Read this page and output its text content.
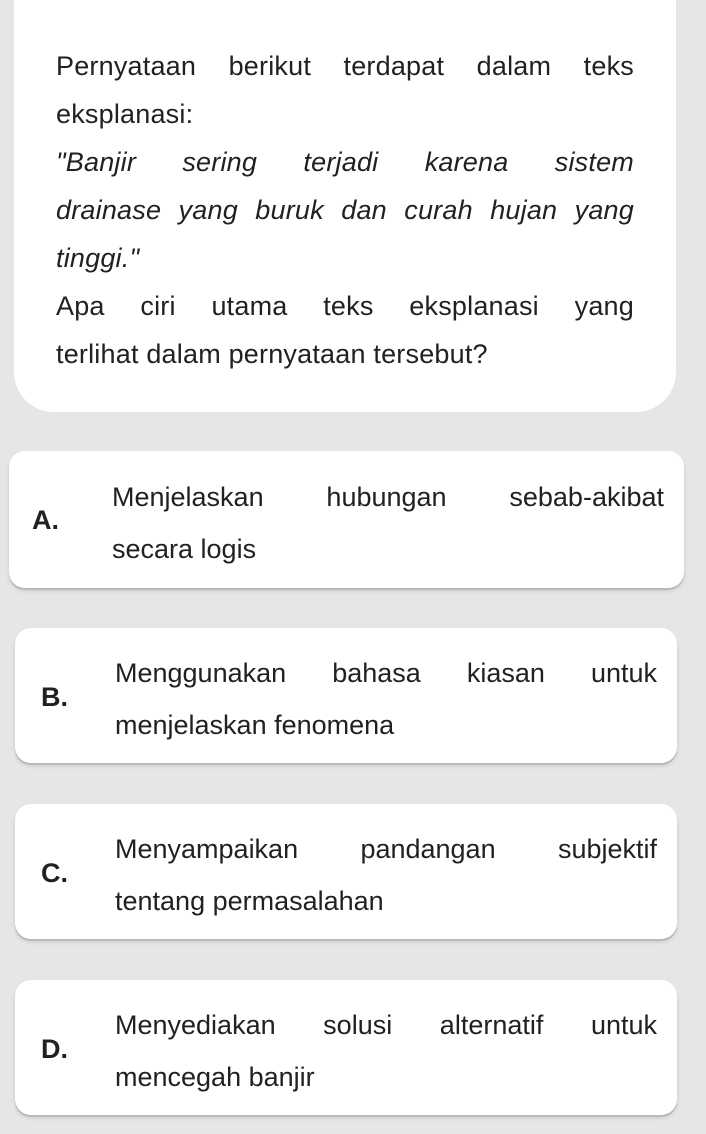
Pernyataan berikut terdapat dalam teks
eksplanasi:
"Banjir sering terjadi karena sistem
drainase yang buruk dan curah hujan yang
tinggi."
Apa ciri utama teks eksplanasi yang
terlihat dalam pernyataan tersebut?
A.
Menjelaskan hubungan sebab-akibat
secara logis
B.
Menggunakan bahasa kiasan untuk
menjelaskan fenomena
C.
Menyampaikan pandangan subjektif
tentang permasalahan
D.
Menyediakan solusi alternatif untuk
mencegah banjir
